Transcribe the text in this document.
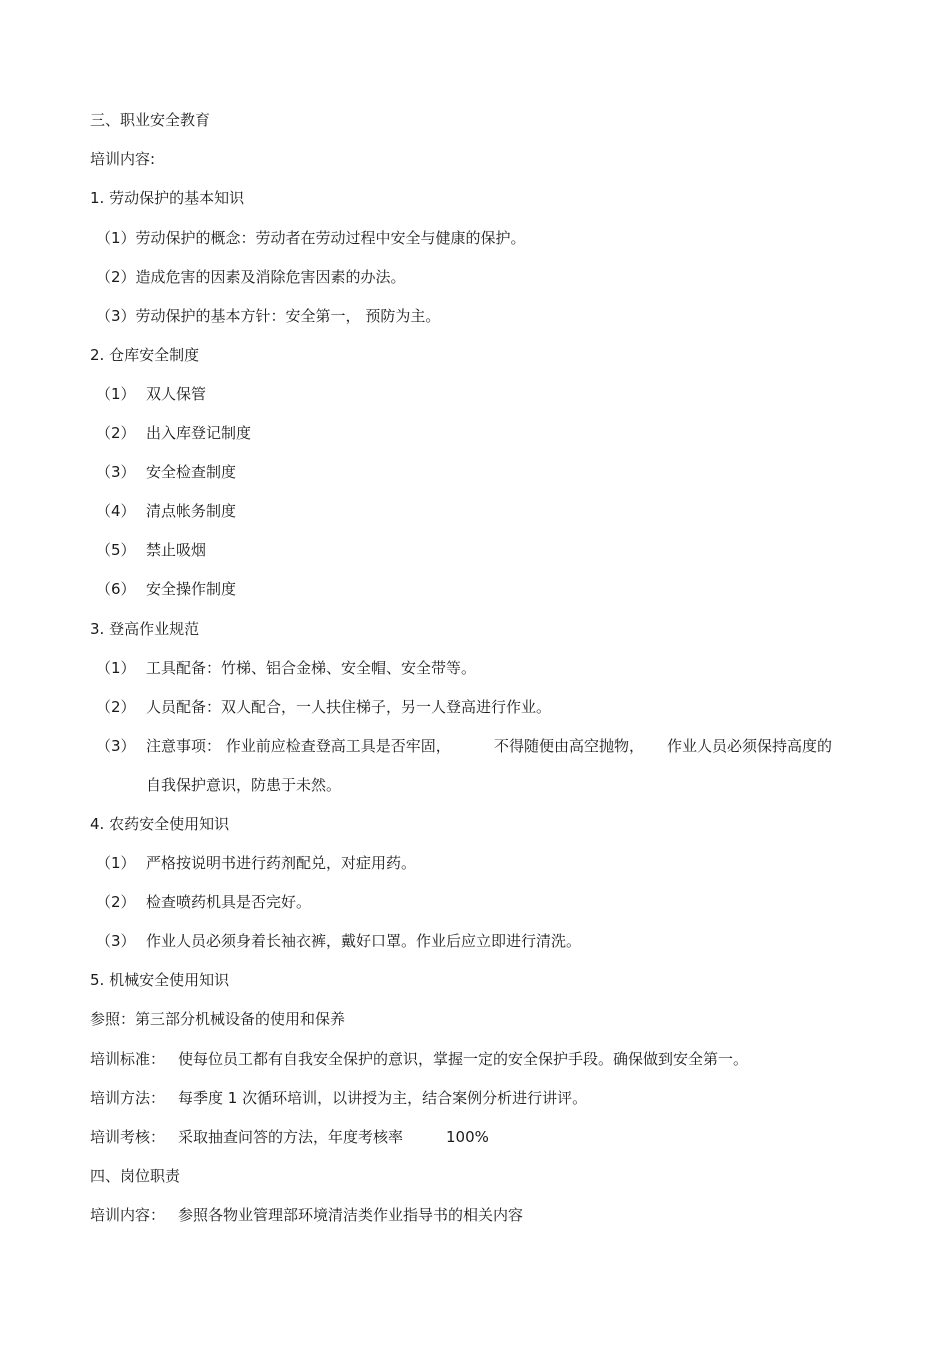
三、职业安全教育
培训内容:
1. 劳动保护的基本知识
（1）劳动保护的概念：劳动者在劳动过程中安全与健康的保护。
（2）造成危害的因素及消除危害因素的办法。
（3）劳动保护的基本方针：安全第一， 预防为主。
2. 仓库安全制度
（1） 双人保管
（2） 出入库登记制度
（3） 安全检查制度
（4） 清点帐务制度
（5） 禁止吸烟
（6） 安全操作制度
3. 登高作业规范
（1） 工具配备：竹梯、铝合金梯、安全帽、安全带等。
（2） 人员配备：双人配合，一人扶住梯子，另一人登高进行作业。
（3） 注意事项： 作业前应检查登高工具是否牢固，	不得随便由高空抛物， 作业人员必须保持高度的
自我保护意识，防患于未然。
4. 农药安全使用知识
（1） 严格按说明书进行药剂配兑，对症用药。
（2） 检查喷药机具是否完好。
（3） 作业人员必须身着长袖衣裤，戴好口罩。作业后应立即进行清洗。
5. 机械安全使用知识
参照：第三部分机械设备的使用和保养
培训标准： 使每位员工都有自我安全保护的意识，掌握一定的安全保护手段。确保做到安全第一。
培训方法： 每季度 1 次循环培训，以讲授为主，结合案例分析进行讲评。
培训考核： 采取抽查问答的方法，年度考核率	100%
四、岗位职责
培训内容： 参照各物业管理部环境清洁类作业指导书的相关内容
